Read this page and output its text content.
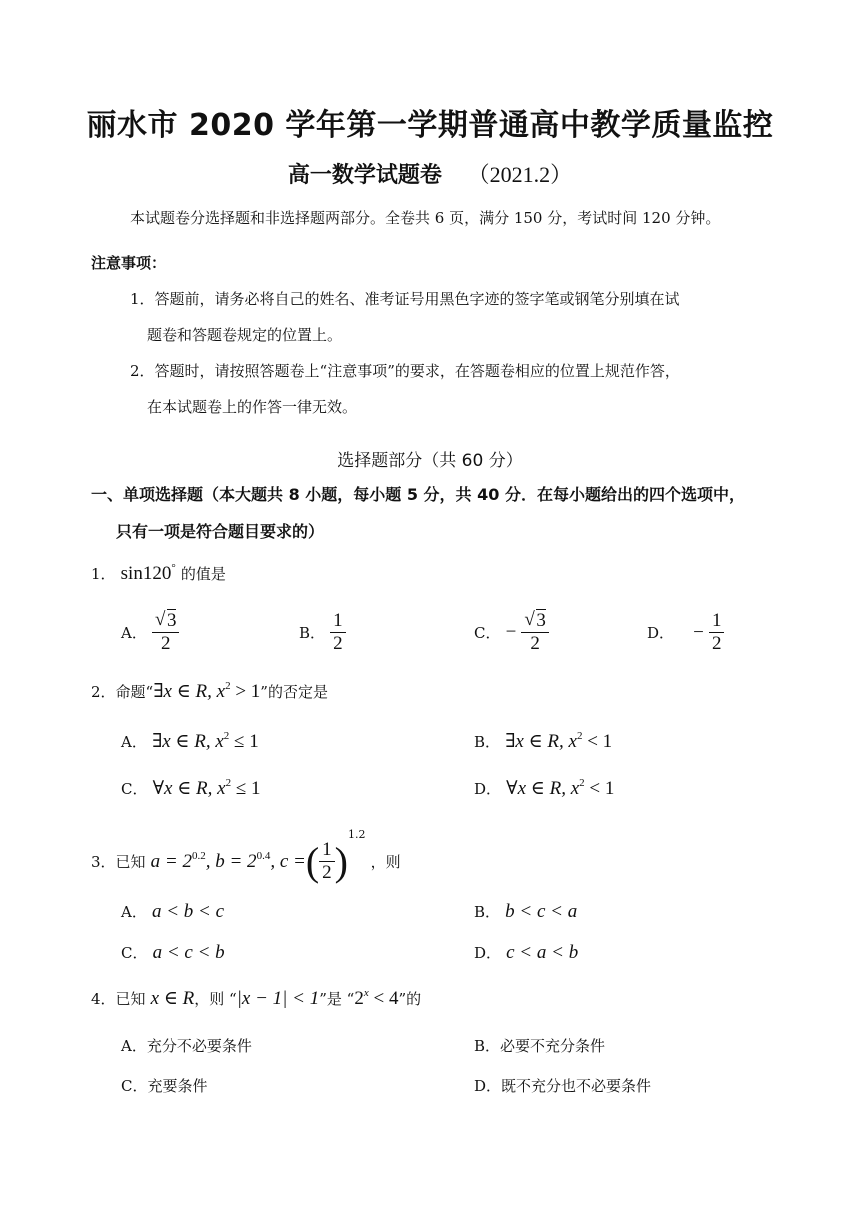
丽水市 2020 学年第一学期普通高中教学质量监控
高一数学试题卷 （2021.2）
本试题卷分选择题和非选择题两部分。全卷共 6 页，满分 150 分，考试时间 120 分钟。
注意事项：
1．答题前，请务必将自己的姓名、准考证号用黑色字迹的签字笔或钢笔分别填在试
题卷和答题卷规定的位置上。
2．答题时，请按照答题卷上“注意事项”的要求，在答题卷相应的位置上规范作答，
在本试题卷上的作答一律无效。
选择题部分（共 60 分）
一、单项选择题（本大题共 8 小题，每小题 5 分，共 40 分．在每小题给出的四个选项中，
只有一项是符合题目要求的）
1． sin120° 的值是
A． √ $\frac{3}{2}$	B． $\frac{1}{2}$	C． − √ $\frac{3}{2}$	D． − $\frac{1}{2}$
2．命题“∃x ∈ R, $x^2 > 1$”的否定是
A． ∃x ∈ R, $x^2 \le 1$	B． ∃x ∈ R, $x^2 < 1$
C． ∀x ∈ R, $x^2 \le 1$	D． ∀x ∈ R, $x^2 < 1$
3．已知 $a = 2^{0.2}$, $b = 2^{0.4}$, c =( $\frac{1}{2} )^{1.2}$ ，则
A． a < b < c	B． b < c < a
C． a < c < b	D． c < a < b
4．已知 x ∈ R，则 “|x − 1| < 1”是 “$2^x < 4$”的
A．充分不必要条件	B．必要不充分条件
C．充要条件	D．既不充分也不必要条件
